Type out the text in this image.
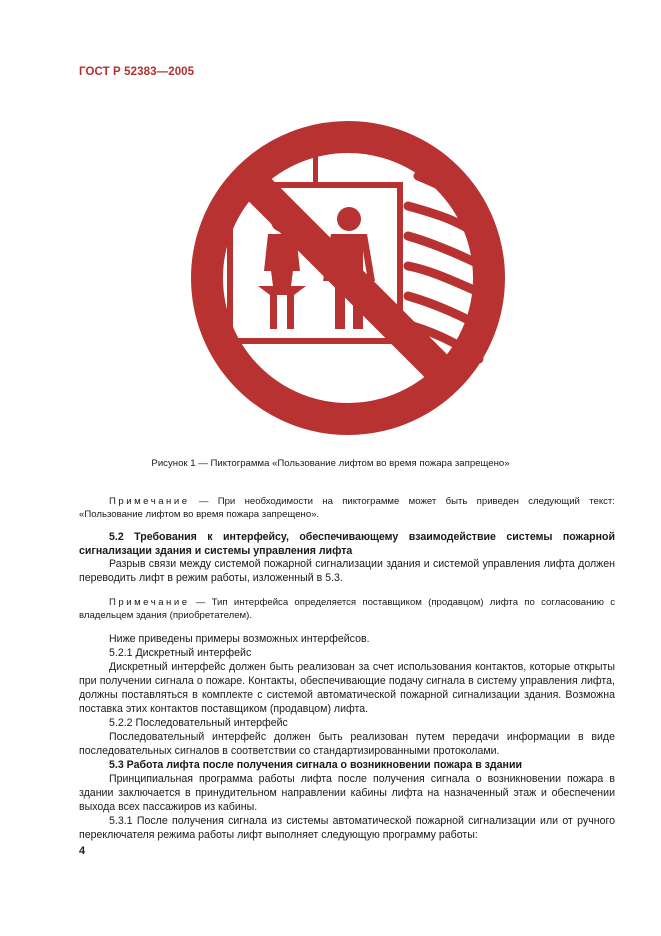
ГОСТ Р 52383—2005
Рисунок 1 — Пиктограмма «Пользование лифтом во время пожара запрещено»
Примечание — При необходимости на пиктограмме может быть приведен следующий текст: «Пользование лифтом во время пожара запрещено».
5.2 Требования к интерфейсу, обеспечивающему взаимодействие системы пожарной сигнализации здания и системы управления лифта
Разрыв связи между системой пожарной сигнализации здания и системой управления лифта должен переводить лифт в режим работы, изложенный в 5.3.
Примечание — Тип интерфейса определяется поставщиком (продавцом) лифта по согласованию с владельцем здания (приобретателем).

Ниже приведены примеры возможных интерфейсов.

5.2.1 Дискретный интерфейс

Дискретный интерфейс должен быть реализован за счет использования контактов, которые открыты при получении сигнала о пожаре. Контакты, обеспечивающие подачу сигнала в систему управления лифта, должны поставляться в комплекте с системой автоматической пожарной сигнализации здания. Возможна поставка этих контактов поставщиком (продавцом) лифта.

5.2.2 Последовательный интерфейс

Последовательный интерфейс должен быть реализован путем передачи информации в виде последовательных сигналов в соответствии со стандартизированными протоколами.

5.3 Работа лифта после получения сигнала о возникновении пожара в здании

Принципиальная программа работы лифта после получения сигнала о возникновении пожара в здании заключается в принудительном направлении кабины лифта на назначенный этаж и обеспечении выхода всех пассажиров из кабины.

5.3.1 После получения сигнала из системы автоматической пожарной сигнализации или от ручного переключателя режима работы лифт выполняет следующую программу работы:

4
